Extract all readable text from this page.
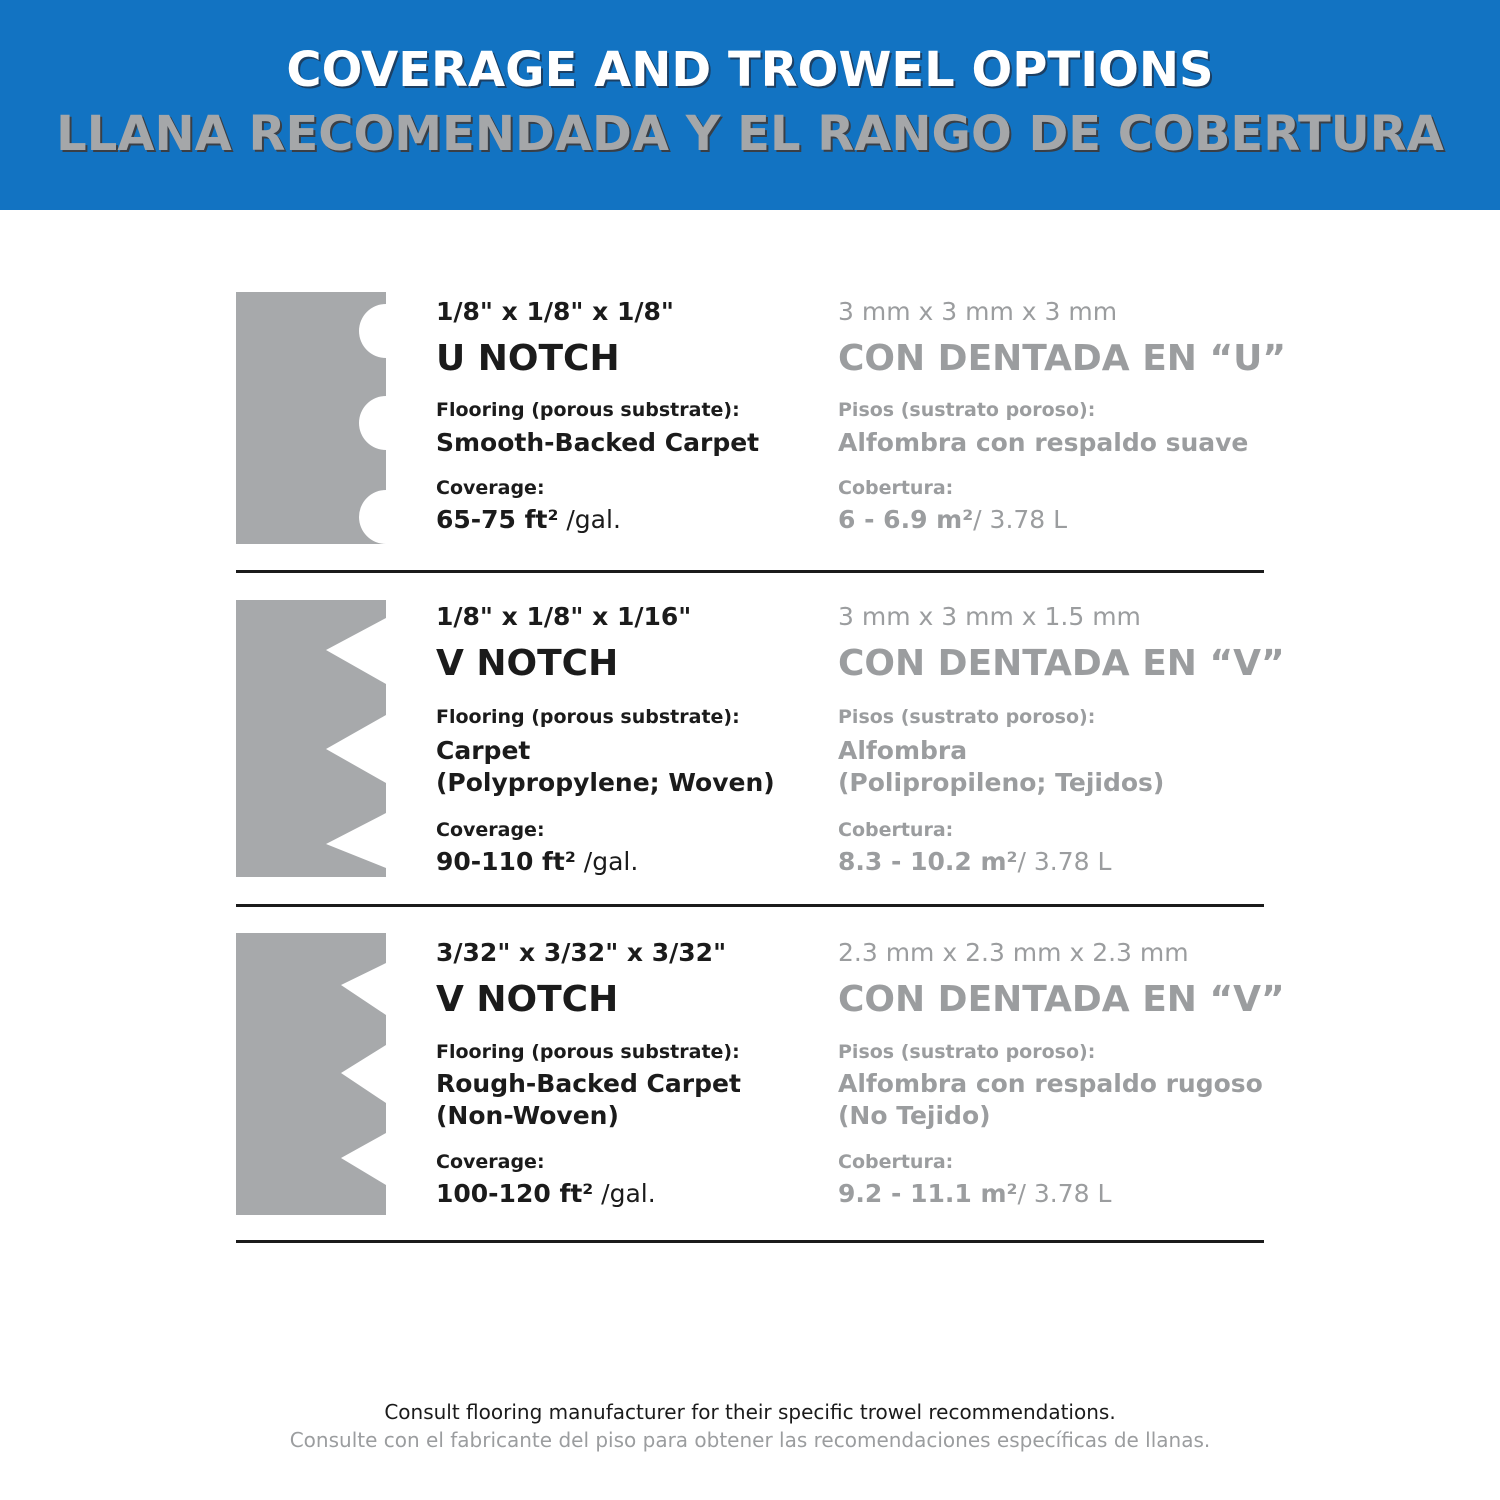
COVERAGE AND TROWEL OPTIONS
LLANA RECOMENDADA Y EL RANGO DE COBERTURA
1/8" x 1/8" x 1/8"
U NOTCH
Flooring (porous substrate):
Smooth-Backed Carpet
Coverage:
65-75 ft² /gal.
3 mm x 3 mm x 3 mm
CON DENTADA EN “U”
Pisos (sustrato poroso):
Alfombra con respaldo suave
Cobertura:
6 - 6.9 m²/ 3.78 L
1/8" x 1/8" x 1/16"
V NOTCH
Flooring (porous substrate):
Carpet
(Polypropylene; Woven)
Coverage:
90-110 ft² /gal.
3 mm x 3 mm x 1.5 mm
CON DENTADA EN “V”
Pisos (sustrato poroso):
Alfombra
(Polipropileno; Tejidos)
Cobertura:
8.3 - 10.2 m²/ 3.78 L
3/32" x 3/32" x 3/32"
V NOTCH
Flooring (porous substrate):
Rough-Backed Carpet
(Non-Woven)
Coverage:
100-120 ft² /gal.
2.3 mm x 2.3 mm x 2.3 mm
CON DENTADA EN “V”
Pisos (sustrato poroso):
Alfombra con respaldo rugoso
(No Tejido)
Cobertura:
9.2 - 11.1 m²/ 3.78 L
Consult flooring manufacturer for their specific trowel recommendations.
Consulte con el fabricante del piso para obtener las recomendaciones específicas de llanas.
